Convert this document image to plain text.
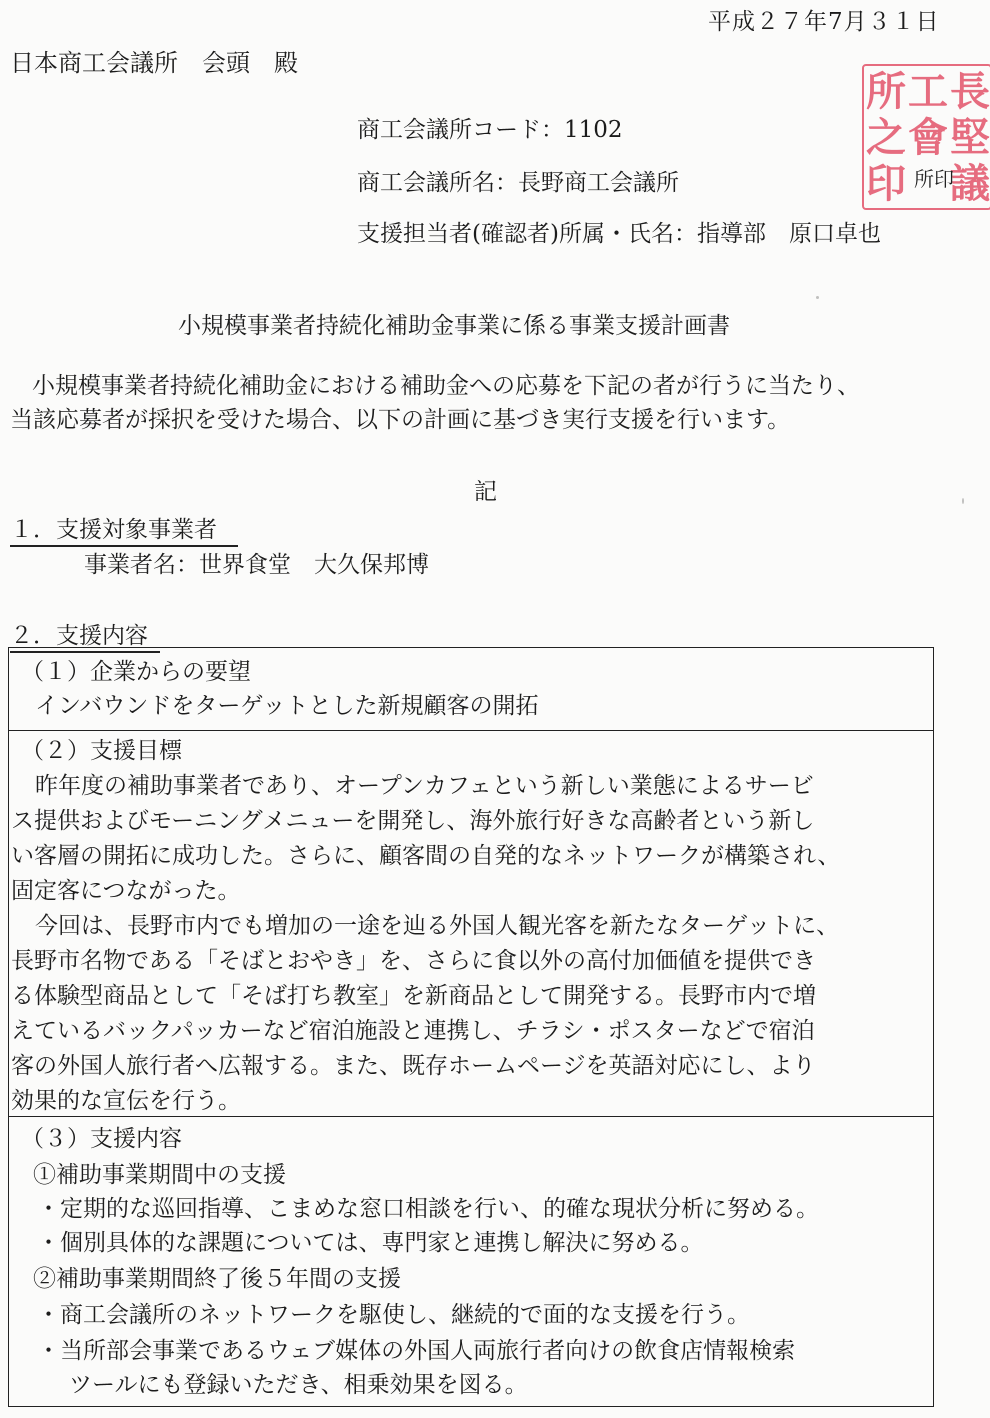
平成２７年7月３１日
日本商工会議所　会頭　殿
商工会議所コード：1102
商工会議所名：長野商工会議所
支援担当者(確認者)所属・氏名：指導部　原口卓也
長
工
所
堅
會
之
議
印 所印
小規模事業者持続化補助金事業に係る事業支援計画書
小規模事業者持続化補助金における補助金への応募を下記の者が行うに当たり、
当該応募者が採択を受けた場合、以下の計画に基づき実行支援を行います。
記
１．支援対象事業者
事業者名：世界食堂　大久保邦博
２．支援内容
（１）企業からの要望
インバウンドをターゲットとした新規顧客の開拓
（２）支援目標
昨年度の補助事業者であり、オープンカフェという新しい業態によるサービ
ス提供およびモーニングメニューを開発し、海外旅行好きな高齢者という新し
い客層の開拓に成功した。さらに、顧客間の自発的なネットワークが構築され、
固定客につながった。
今回は、長野市内でも増加の一途を辿る外国人観光客を新たなターゲットに、
長野市名物である「そばとおやき」を、さらに食以外の高付加価値を提供でき
る体験型商品として「そば打ち教室」を新商品として開発する。長野市内で増
えているバックパッカーなど宿泊施設と連携し、チラシ・ポスターなどで宿泊
客の外国人旅行者へ広報する。また、既存ホームページを英語対応にし、より
効果的な宣伝を行う。
（３）支援内容
①補助事業期間中の支援
・定期的な巡回指導、こまめな窓口相談を行い、的確な現状分析に努める。
・個別具体的な課題については、専門家と連携し解決に努める。
②補助事業期間終了後５年間の支援
・商工会議所のネットワークを駆使し、継続的で面的な支援を行う。
・当所部会事業であるウェブ媒体の外国人両旅行者向けの飲食店情報検索
ツールにも登録いただき、相乗効果を図る。
